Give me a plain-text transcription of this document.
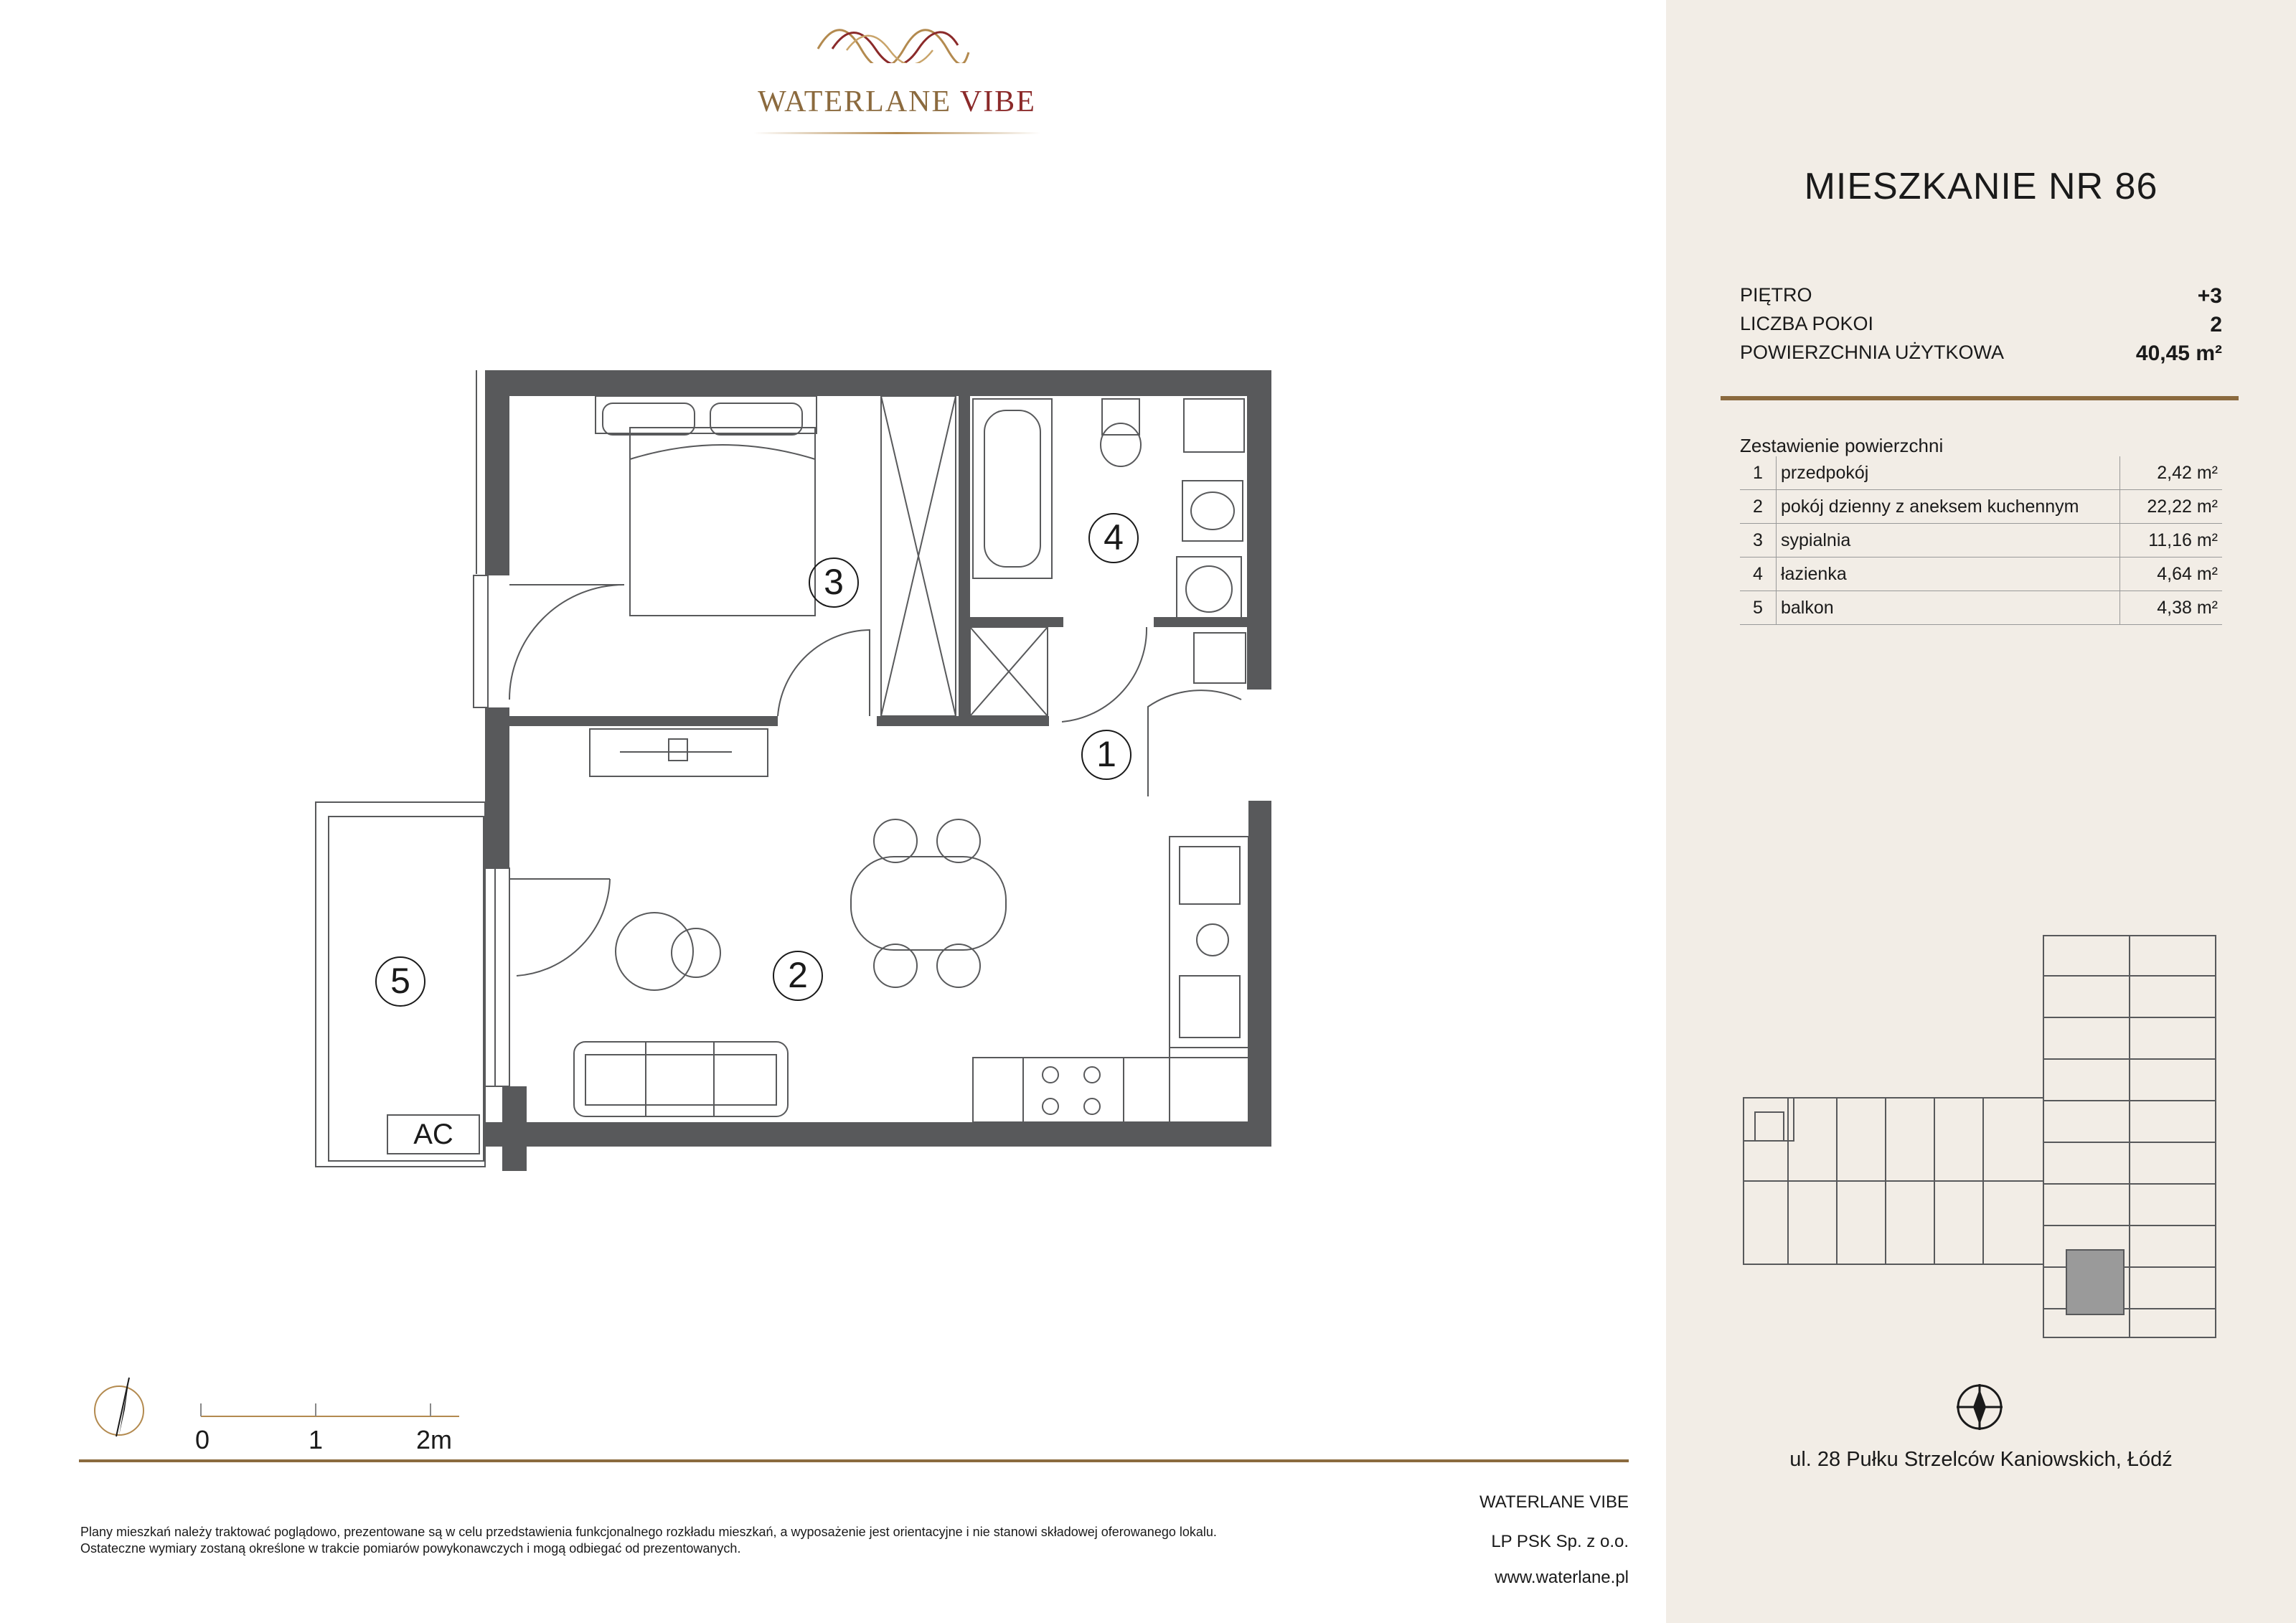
WATERLANE VIBE
1
2
3
4
5
AC
0	1	2m
Plany mieszkań należy traktować poglądowo, prezentowane są w celu przedstawienia funkcjonalnego rozkładu mieszkań, a wyposażenie jest orientacyjne i nie stanowi składowej oferowanego lokalu.
Ostateczne wymiary zostaną określone w trakcie pomiarów powykonawczych i mogą odbiegać od prezentowanych.
WATERLANE VIBE
LP PSK Sp. z o.o.
www.waterlane.pl
MIESZKANIE NR 86
PIĘTRO	+3
LICZBA POKOI	2
POWIERZCHNIA UŻYTKOWA	40,45 m²
Zestawienie powierzchni
1	przedpokój	2,42 m²
2	pokój dzienny z aneksem kuchennym	22,22 m²
3	sypialnia	11,16 m²
4	łazienka	4,64 m²
5	balkon	4,38 m²
ul. 28 Pułku Strzelców Kaniowskich, Łódź
